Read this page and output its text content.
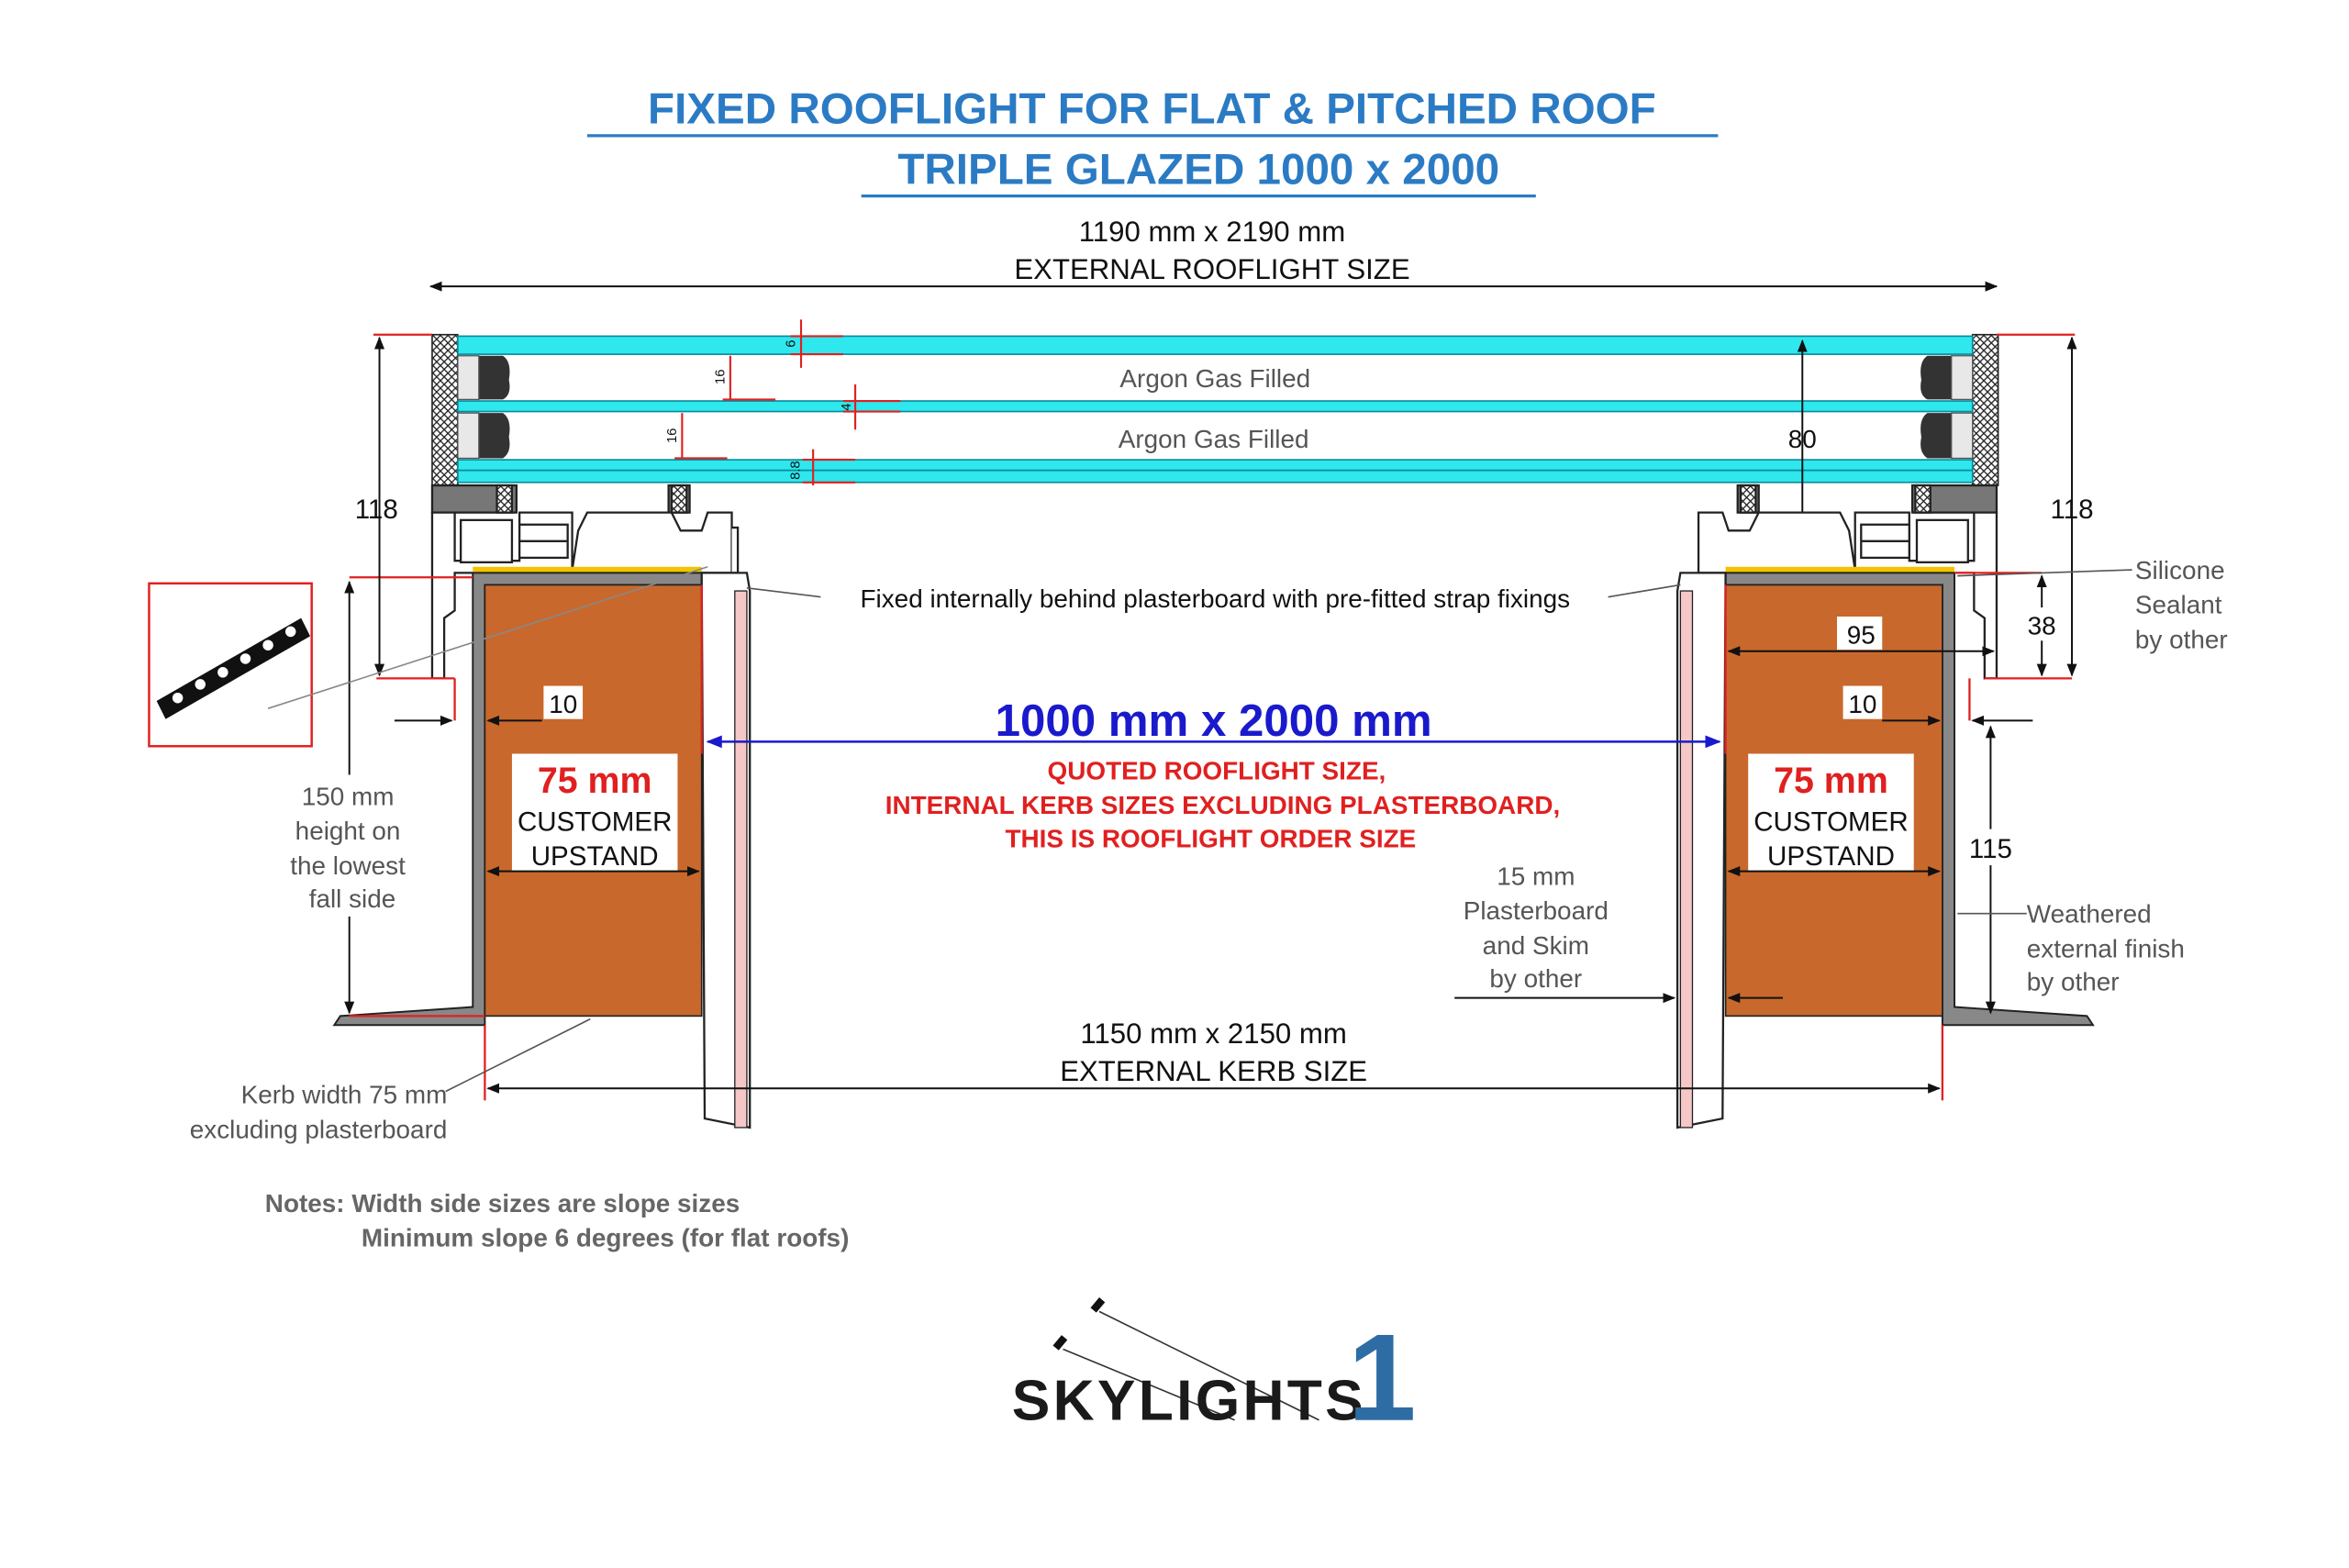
FIXED ROOFLIGHT FOR FLAT & PITCHED ROOF
TRIPLE GLAZED 1000 x 2000
1190 mm x 2190 mm
EXTERNAL ROOFLIGHT SIZE
Argon Gas Filled
Argon Gas Filled
6
16
4
16
8.8
80
118
10
118
38
95
10
115
Fixed internally behind plasterboard with pre-fitted strap fixings
Silicone
Sealant
by other
150 mm
height on
the lowest
fall side
1000 mm x 2000 mm
QUOTED ROOFLIGHT SIZE,
INTERNAL KERB SIZES EXCLUDING PLASTERBOARD,
THIS IS ROOFLIGHT ORDER SIZE
75 mm
CUSTOMER
UPSTAND
75 mm
CUSTOMER
UPSTAND
15 mm
Plasterboard
and Skim
by other
Weathered
external finish
by other
1150 mm x 2150 mm
EXTERNAL KERB SIZE
Kerb width 75 mm
excluding plasterboard
Notes: Width side sizes are slope sizes
Minimum slope 6 degrees (for flat roofs)
SKYLIGHTS
1
